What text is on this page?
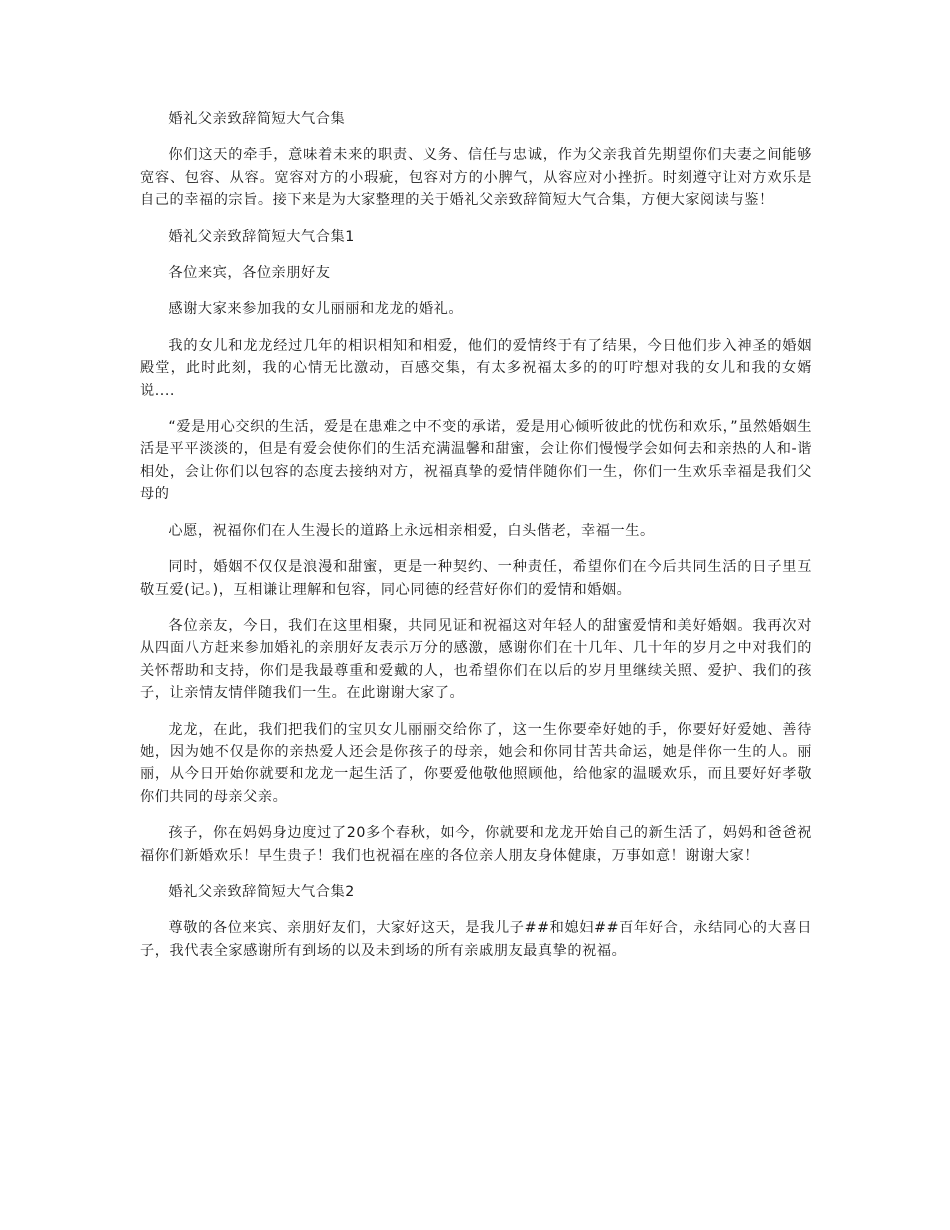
婚礼父亲致辞简短大气合集

你们这天的牵手，意味着未来的职责、义务、信任与忠诚，作为父亲我首先期望你们夫妻之间能够宽容、包容、从容。宽容对方的小瑕疵，包容对方的小脾气，从容应对小挫折。时刻遵守让对方欢乐是自己的幸福的宗旨。接下来是为大家整理的关于婚礼父亲致辞简短大气合集，方便大家阅读与鉴！

婚礼父亲致辞简短大气合集1

各位来宾，各位亲朋好友

感谢大家来参加我的女儿丽丽和龙龙的婚礼。

我的女儿和龙龙经过几年的相识相知和相爱，他们的爱情终于有了结果，今日他们步入神圣的婚姻殿堂，此时此刻，我的心情无比激动，百感交集，有太多祝福太多的的叮咛想对我的女儿和我的女婿说....

“爱是用心交织的生活，爱是在患难之中不变的承诺，爱是用心倾听彼此的忧伤和欢乐，”虽然婚姻生活是平平淡淡的，但是有爱会使你们的生活充满温馨和甜蜜，会让你们慢慢学会如何去和亲热的人和-谐相处，会让你们以包容的态度去接纳对方，祝福真挚的爱情伴随你们一生，你们一生欢乐幸福是我们父母的

心愿，祝福你们在人生漫长的道路上永远相亲相爱，白头偕老，幸福一生。

同时，婚姻不仅仅是浪漫和甜蜜，更是一种契约、一种责任，希望你们在今后共同生活的日子里互敬互爱(记。)，互相谦让理解和包容，同心同德的经营好你们的爱情和婚姻。

各位亲友，今日，我们在这里相聚，共同见证和祝福这对年轻人的甜蜜爱情和美好婚姻。我再次对从四面八方赶来参加婚礼的亲朋好友表示万分的感激，感谢你们在十几年、几十年的岁月之中对我们的关怀帮助和支持，你们是我最尊重和爱戴的人，也希望你们在以后的岁月里继续关照、爱护、我们的孩子，让亲情友情伴随我们一生。在此谢谢大家了。

龙龙，在此，我们把我们的宝贝女儿丽丽交给你了，这一生你要牵好她的手，你要好好爱她、善待她，因为她不仅是你的亲热爱人还会是你孩子的母亲，她会和你同甘苦共命运，她是伴你一生的人。丽丽，从今日开始你就要和龙龙一起生活了，你要爱他敬他照顾他，给他家的温暖欢乐，而且要好好孝敬你们共同的母亲父亲。

孩子，你在妈妈身边度过了20多个春秋，如今，你就要和龙龙开始自己的新生活了，妈妈和爸爸祝福你们新婚欢乐！早生贵子！我们也祝福在座的各位亲人朋友身体健康，万事如意！谢谢大家！

婚礼父亲致辞简短大气合集2

尊敬的各位来宾、亲朋好友们，大家好这天，是我儿子##和媳妇##百年好合，永结同心的大喜日子，我代表全家感谢所有到场的以及未到场的所有亲戚朋友最真挚的祝福。
